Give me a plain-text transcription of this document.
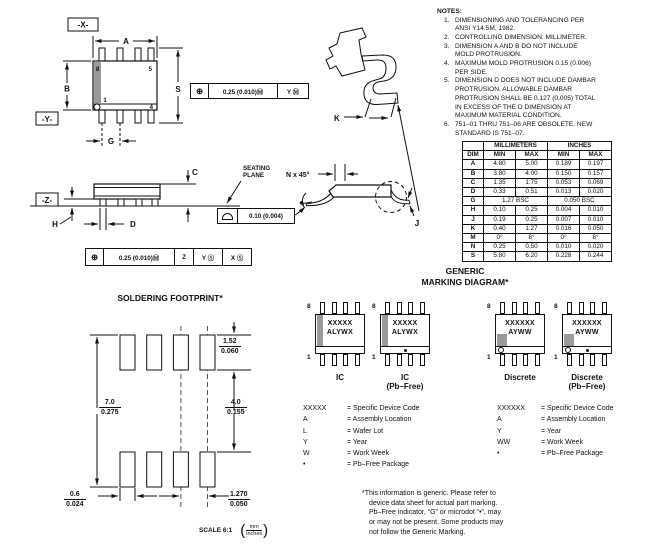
-X-
A
B	S
-Y-
G
8	5
1
4
-Z-
C
H	D
N x 45°
J
K
SEATING
PLANE
⊕	0.25 (0.010)Ⓜ	Y Ⓜ
0.10 (0.004)
⊕	0.25 (0.010)Ⓜ	Z	Y Ⓢ	X Ⓢ
NOTES:
1. DIMENSIONING AND TOLERANCING PER
ANSI Y14.5M, 1982.
2. CONTROLLING DIMENSION: MILLIMETER.
3. DIMENSION A AND B DO NOT INCLUDE
MOLD PROTRUSION.
4. MAXIMUM MOLD PROTRUSION 0.15 (0.006)
PER SIDE.
5. DIMENSION D DOES NOT INCLUDE DAMBAR
PROTRUSION. ALLOWABLE DAMBAR
PROTRUSION SHALL BE 0.127 (0.005) TOTAL
IN EXCESS OF THE D DIMENSION AT
MAXIMUM MATERIAL CONDITION.
6. 751–01 THRU 751–06 ARE OBSOLETE. NEW
STANDARD IS 751–07.
	MILLIMETERS		INCHES	
DIM	MIN	MAX	MIN	MAX
A	4.80	5.00	0.189	0.197
B	3.80	4.00	0.150	0.157
C	1.35	1.75	0.053	0.069
D	0.33	0.51	0.013	0.020
G	1.27 BSC		0.050 BSC	
H	0.10	0.25	0.004	0.010
J	0.19	0.25	0.007	0.010
K	0.40	1.27	0.016	0.050
M	0°	8°	0°	8°
N	0.25	0.50	0.010	0.020
S	5.80	6.20	0.228	0.244
GENERIC
MARKING DIAGRAM*
8
1
XXXXX
ALYWX
IC
8
1
XXXXX
ALYWX
IC
(Pb–Free)
8
1
XXXXXX
AYWW
Discrete
8
1
XXXXXX
AYWW
Discrete
(Pb–Free)
XXXXX	= Specific Device Code
A	= Assembly Location
L	= Wafer Lot
Y	= Year
W	= Work Week
•	= Pb–Free Package
XXXXXX	= Specific Device Code
A	= Assembly Location
Y	= Year
WW	= Work Week
•	= Pb–Free Package
*This information is generic. Please refer to
device data sheet for actual part marking.
Pb–Free indicator, “G” or microdot “•”, may
or may not be present. Some products may
not follow the Generic Marking.
SOLDERING FOOTPRINT*
$\frac{1.52}{0.060}$
$\frac{7.0}{0.275}$	$\frac{4.0}{0.155}$
$\frac{0.6}{0.024}$	$\frac{1.270}{0.050}$
SCALE 6:1 ( mm
inches )
